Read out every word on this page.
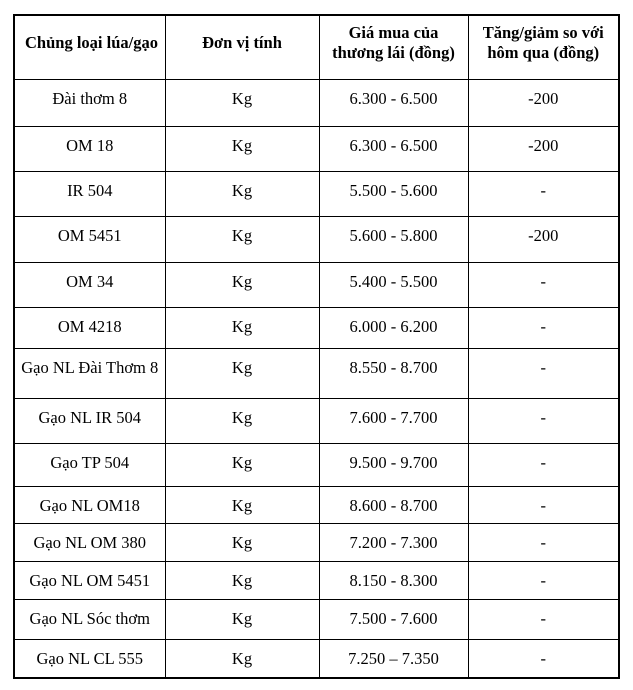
Chủng loại lúa/gạo	Đơn vị tính	Giá mua của thương lái (đồng)	Tăng/giảm so với hôm qua (đồng)
Đài thơm 8	Kg	6.300 - 6.500	-200
OM 18	Kg	6.300 - 6.500	-200
IR 504	Kg	5.500 - 5.600	-
OM 5451	Kg	5.600 - 5.800	-200
OM 34	Kg	5.400 - 5.500	-
OM 4218	Kg	6.000 - 6.200	-
Gạo NL Đài Thơm 8	Kg	8.550 - 8.700	-
Gạo NL IR 504	Kg	7.600 - 7.700	-
Gạo TP 504	Kg	9.500 - 9.700	-
Gạo NL OM18	Kg	8.600 - 8.700	-
Gạo NL OM 380	Kg	7.200 - 7.300	-
Gạo NL OM 5451	Kg	8.150 - 8.300	-
Gạo NL Sóc thơm	Kg	7.500 - 7.600	-
Gạo NL CL 555	Kg	7.250 – 7.350	-
